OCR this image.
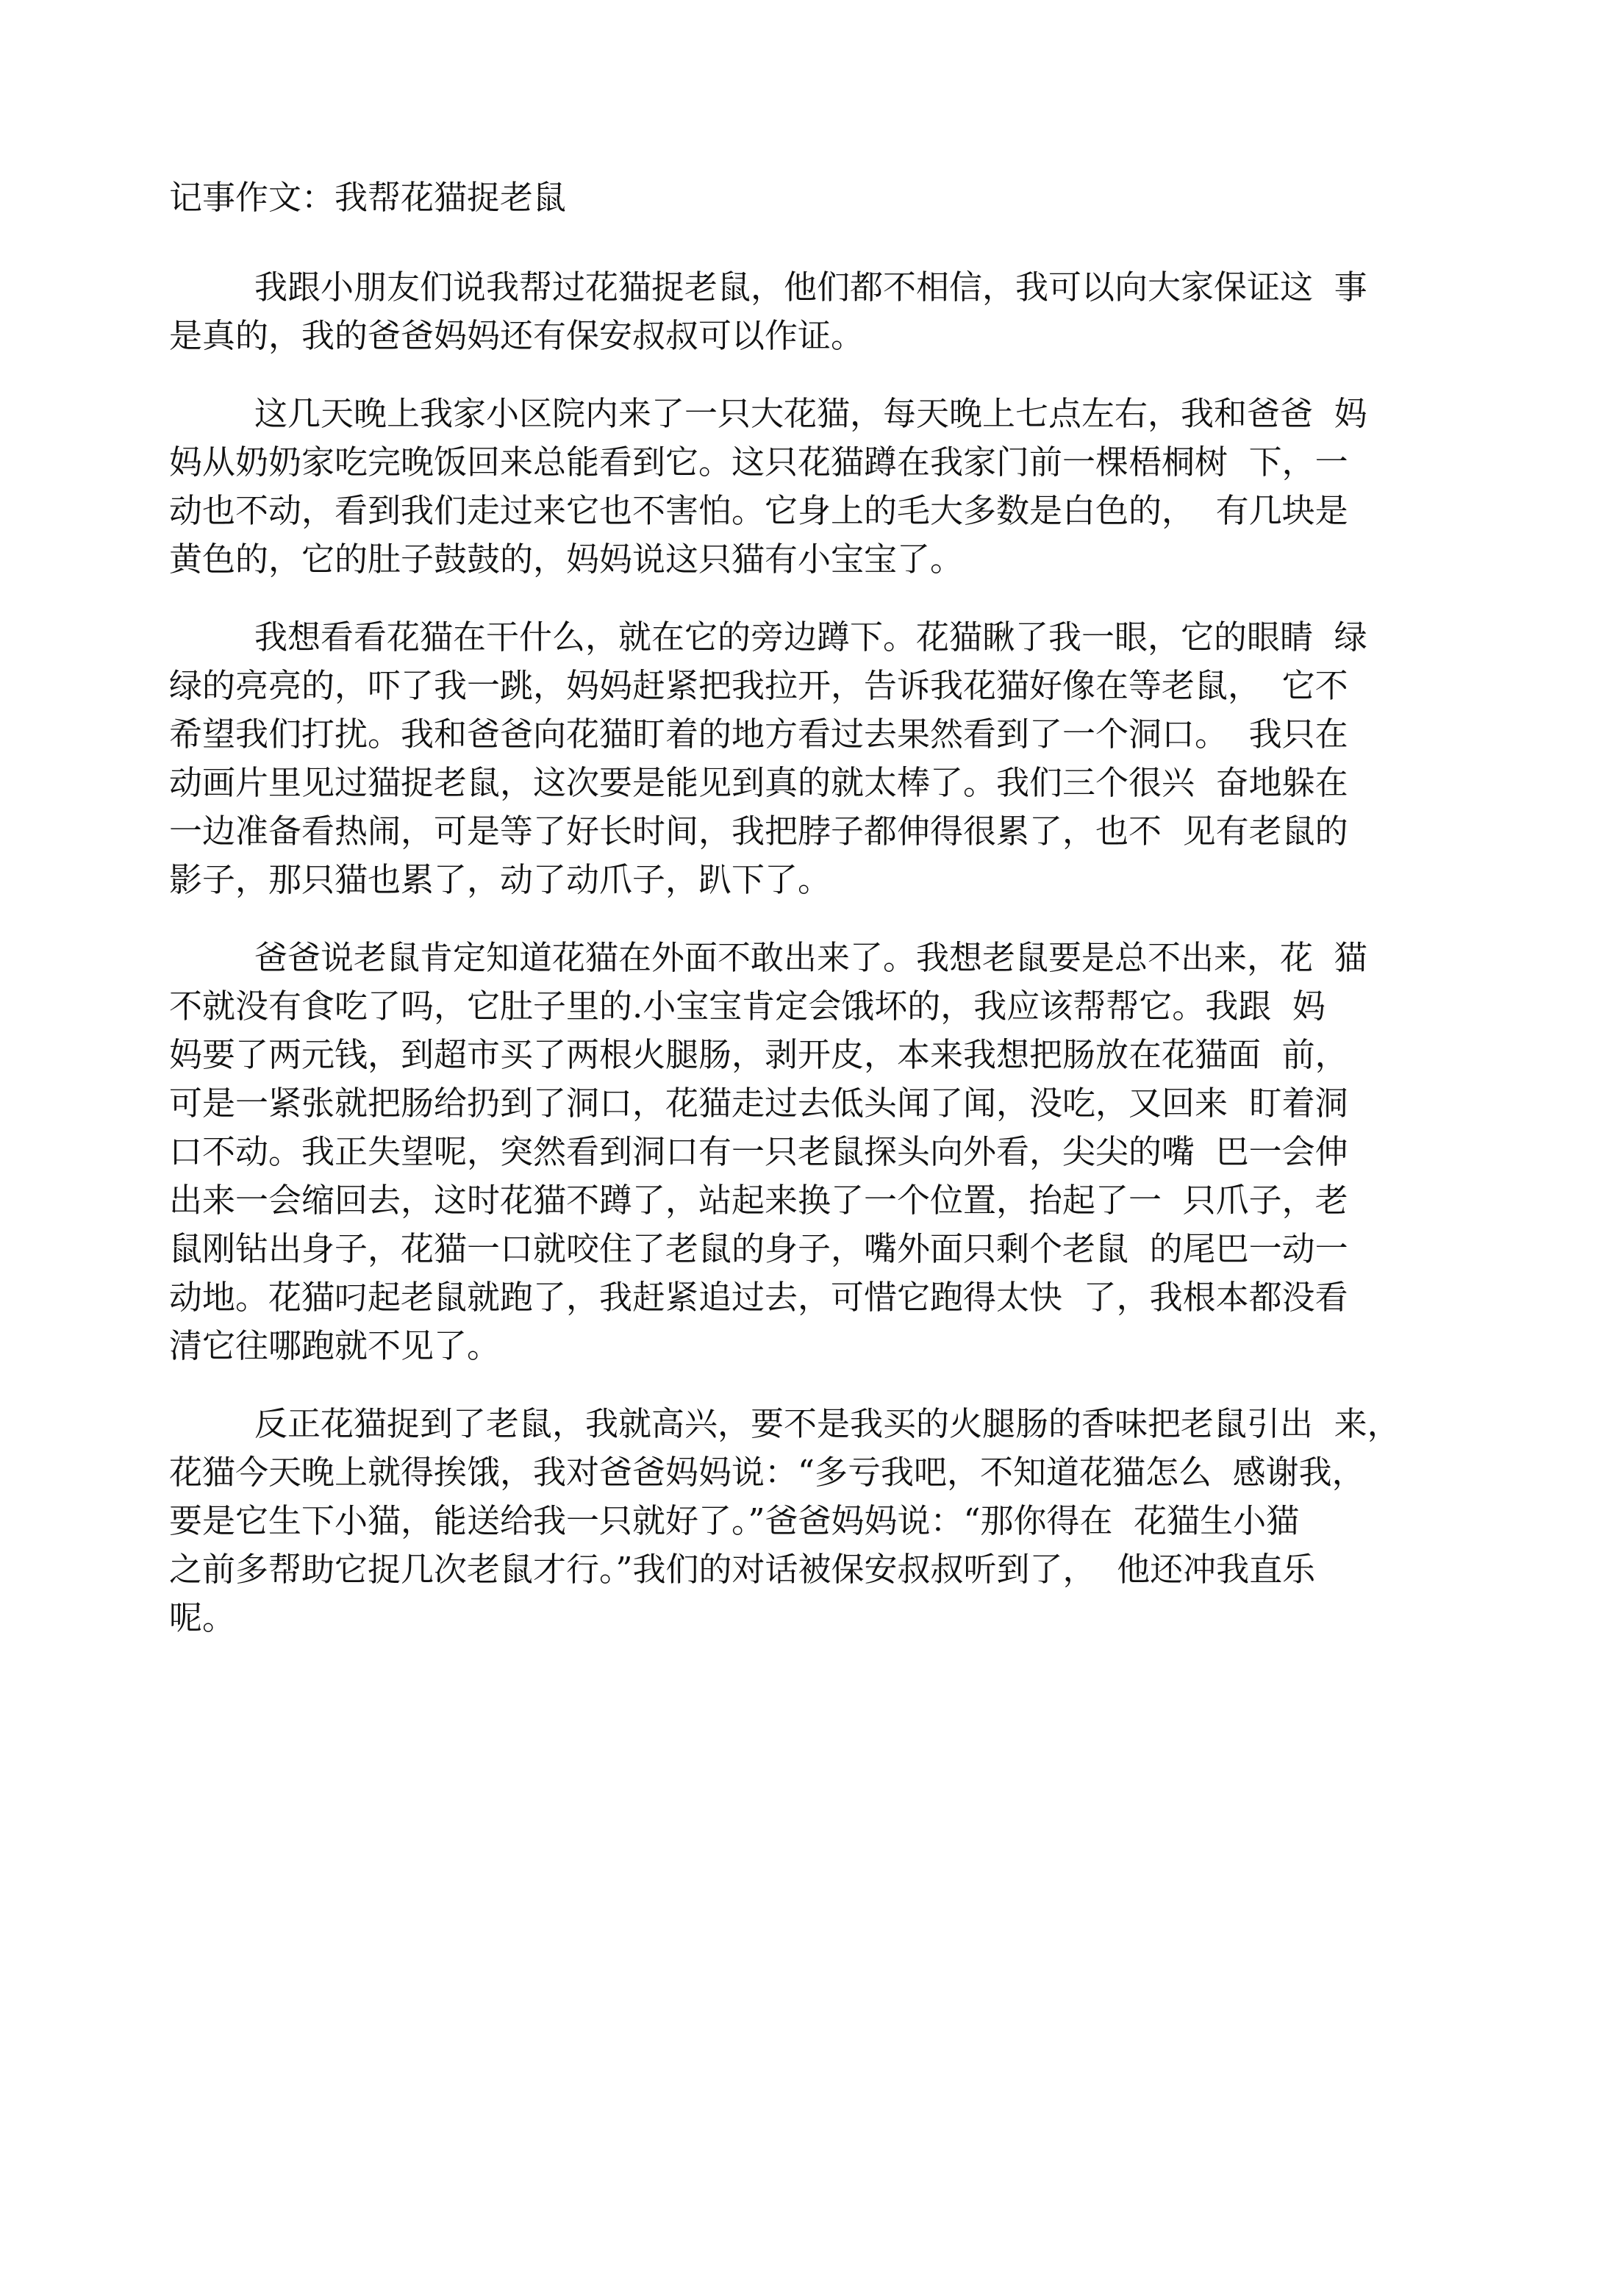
记事作文：我帮花猫捉老鼠
我跟小朋友们说我帮过花猫捉老鼠，他们都不相信，我可以向大家保证这  事
是真的，我的爸爸妈妈还有保安叔叔可以作证。
这几天晚上我家小区院内来了一只大花猫，每天晚上七点左右，我和爸爸  妈
妈从奶奶家吃完晚饭回来总能看到它。这只花猫蹲在我家门前一棵梧桐树  下，一
动也不动，看到我们走过来它也不害怕。它身上的毛大多数是白色的，  有几块是
黄色的，它的肚子鼓鼓的，妈妈说这只猫有小宝宝了。
我想看看花猫在干什么，就在它的旁边蹲下。花猫瞅了我一眼，它的眼睛  绿
绿的亮亮的，吓了我一跳，妈妈赶紧把我拉开，告诉我花猫好像在等老鼠，  它不
希望我们打扰。我和爸爸向花猫盯着的地方看过去果然看到了一个洞口。  我只在
动画片里见过猫捉老鼠，这次要是能见到真的就太棒了。我们三个很兴  奋地躲在
一边准备看热闹，可是等了好长时间，我把脖子都伸得很累了，也不  见有老鼠的
影子，那只猫也累了，动了动爪子，趴下了。
爸爸说老鼠肯定知道花猫在外面不敢出来了。我想老鼠要是总不出来，花  猫
不就没有食吃了吗，它肚子里的.小宝宝肯定会饿坏的，我应该帮帮它。我跟  妈
妈要了两元钱，到超市买了两根火腿肠，剥开皮，本来我想把肠放在花猫面  前，
可是一紧张就把肠给扔到了洞口，花猫走过去低头闻了闻，没吃，又回来  盯着洞
口不动。我正失望呢，突然看到洞口有一只老鼠探头向外看，尖尖的嘴  巴一会伸
出来一会缩回去，这时花猫不蹲了，站起来换了一个位置，抬起了一  只爪子，老
鼠刚钻出身子，花猫一口就咬住了老鼠的身子，嘴外面只剩个老鼠  的尾巴一动一
动地。花猫叼起老鼠就跑了，我赶紧追过去，可惜它跑得太快  了，我根本都没看
清它往哪跑就不见了。
反正花猫捉到了老鼠，我就高兴，要不是我买的火腿肠的香味把老鼠引出  来，
花猫今天晚上就得挨饿，我对爸爸妈妈说：“多亏我吧，不知道花猫怎么  感谢我，
要是它生下小猫，能送给我一只就好了。”爸爸妈妈说：“那你得在  花猫生小猫
之前多帮助它捉几次老鼠才行。”我们的对话被保安叔叔听到了，  他还冲我直乐
呢。
